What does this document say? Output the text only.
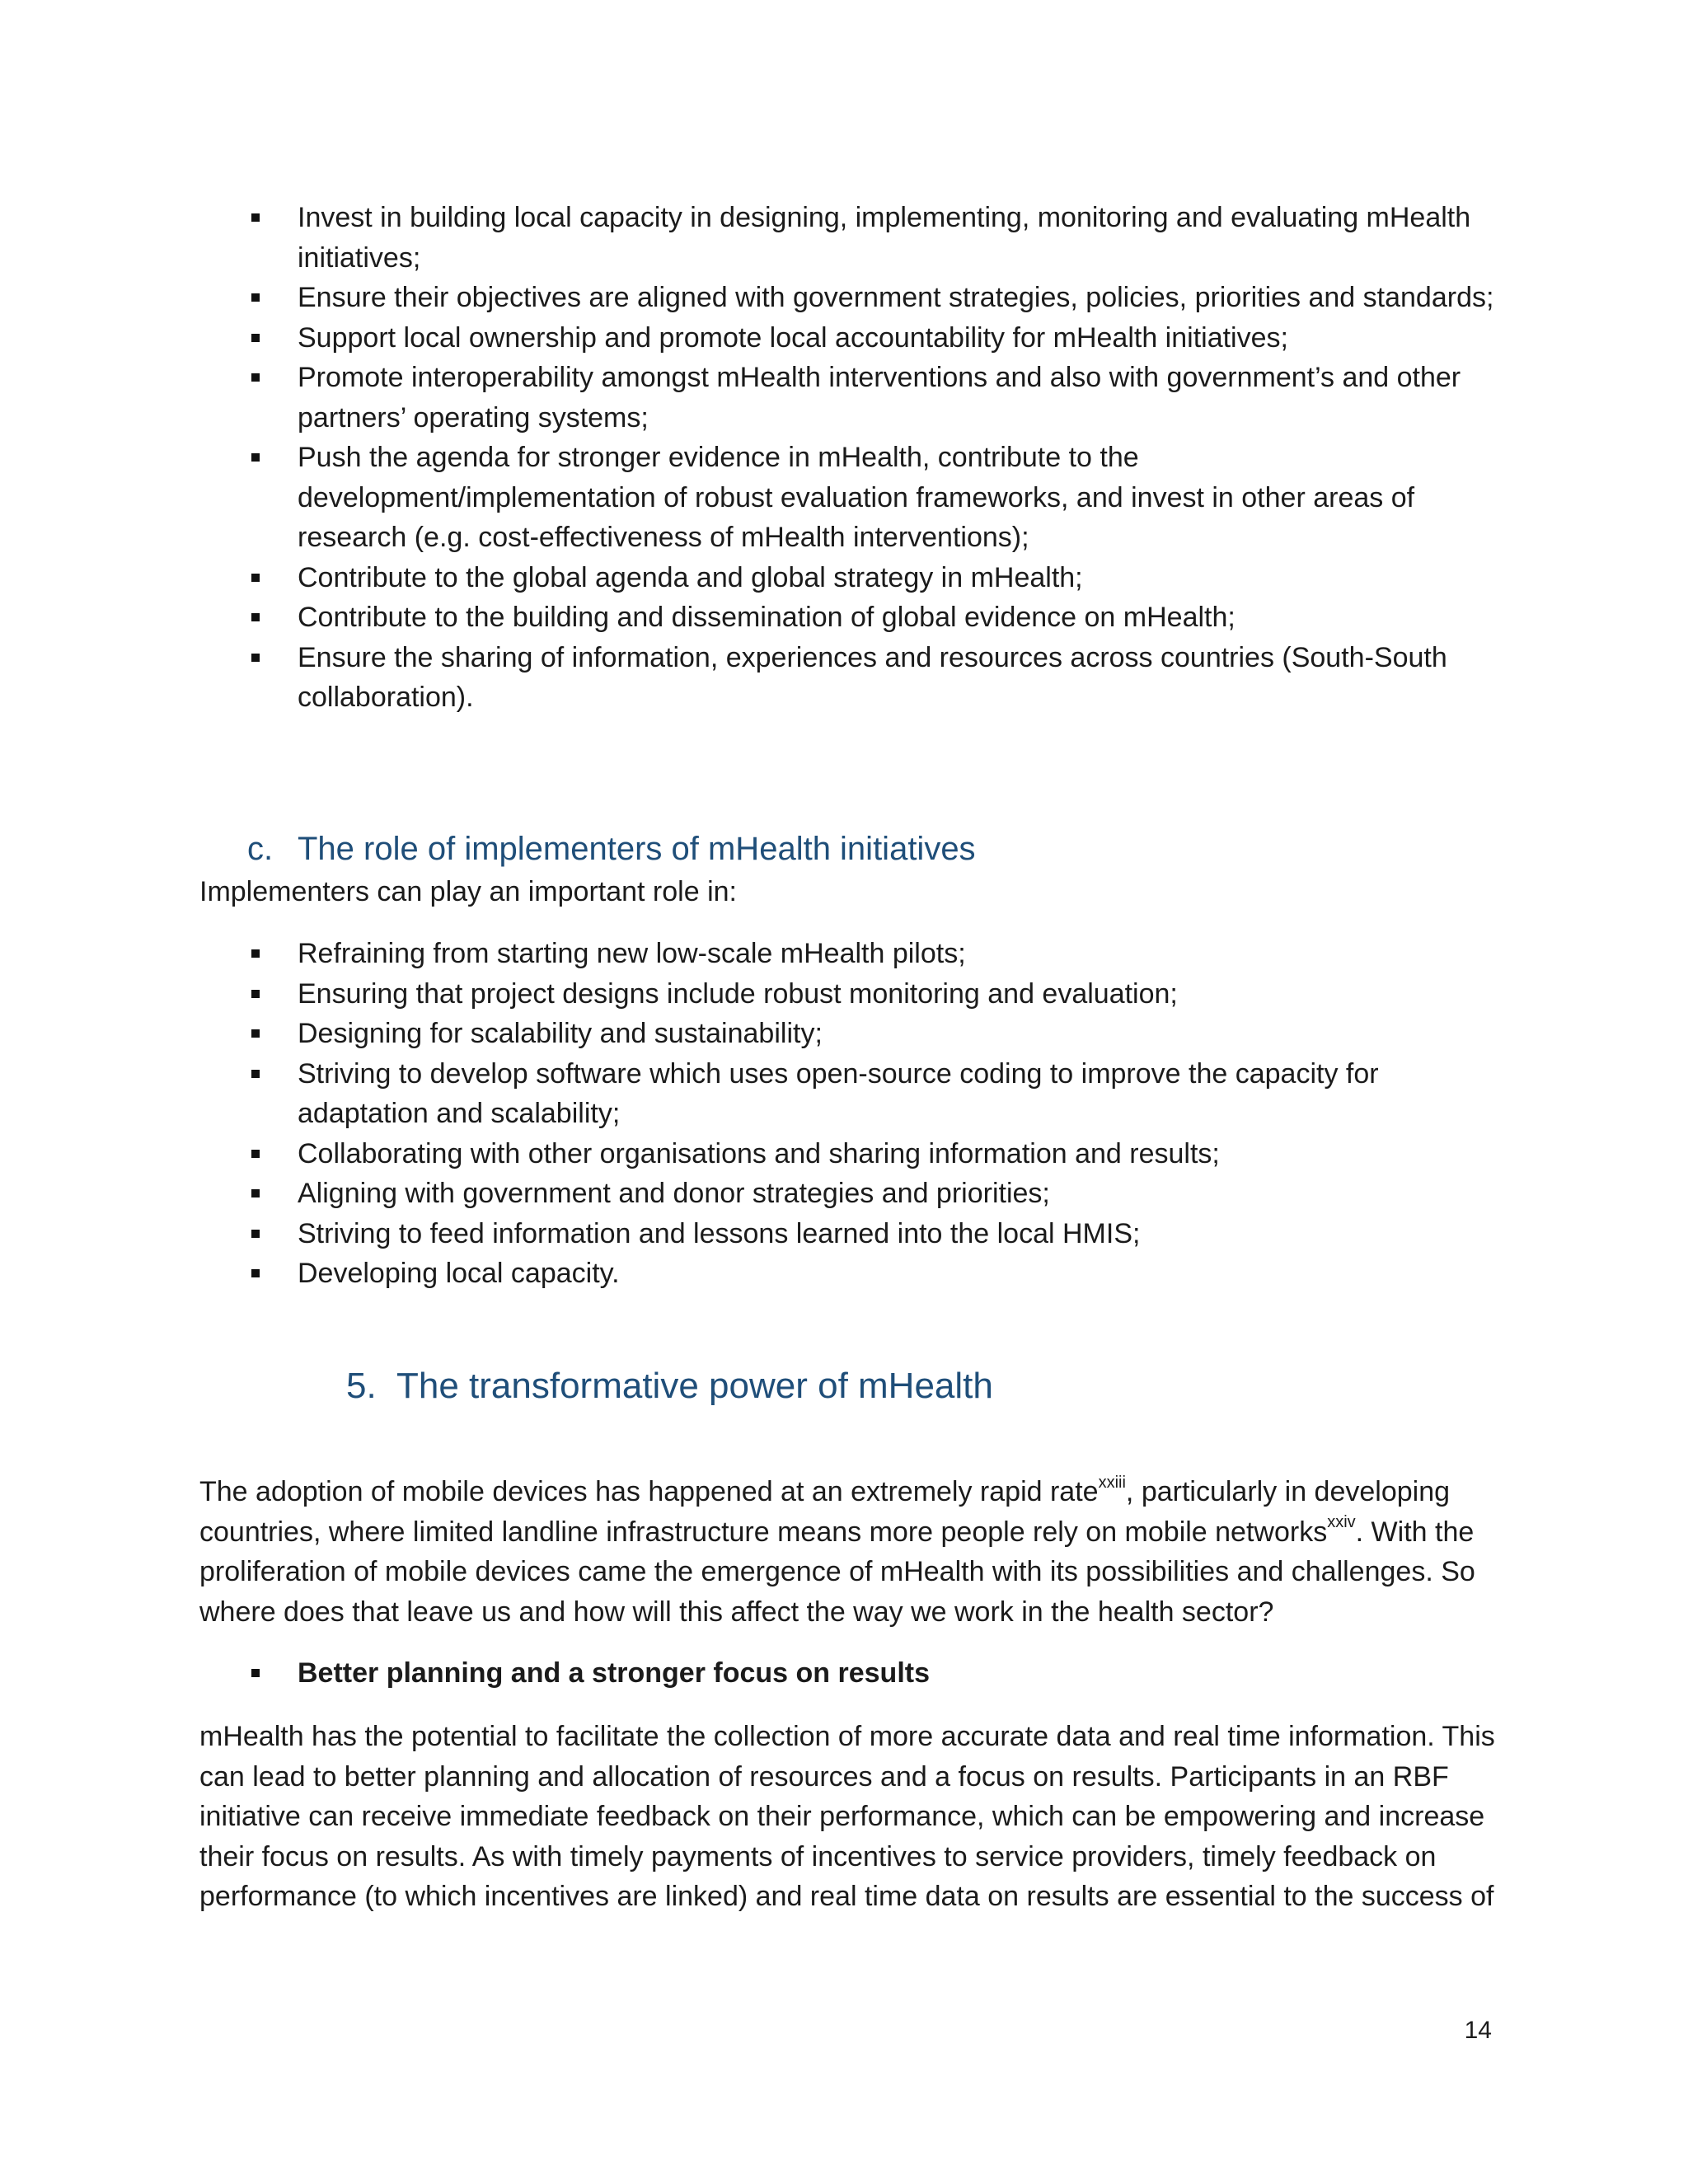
Invest in building local capacity in designing, implementing, monitoring and evaluating mHealth initiatives;
Ensure their objectives are aligned with government strategies, policies, priorities and standards;
Support local ownership and promote local accountability for mHealth initiatives;
Promote interoperability amongst mHealth interventions and also with government’s and other partners’ operating systems;
Push the agenda for stronger evidence in mHealth, contribute to the development/implementation of robust evaluation frameworks, and invest in other areas of research (e.g. cost-effectiveness of mHealth interventions);
Contribute to the global agenda and global strategy in mHealth;
Contribute to the building and dissemination of global evidence on mHealth;
Ensure the sharing of information, experiences and resources across countries (South-South collaboration).
c. The role of implementers of mHealth initiatives

Implementers can play an important role in:

Refraining from starting new low-scale mHealth pilots;
Ensuring that project designs include robust monitoring and evaluation;
Designing for scalability and sustainability;
Striving to develop software which uses open-source coding to improve the capacity for adaptation and scalability;
Collaborating with other organisations and sharing information and results;
Aligning with government and donor strategies and priorities;
Striving to feed information and lessons learned into the local HMIS;
Developing local capacity.
5. The transformative power of mHealth

The adoption of mobile devices has happened at an extremely rapid rate$^{xxiii}$, particularly in developing countries, where limited landline infrastructure means more people rely on mobile networks$^{xxiv}$. With the proliferation of mobile devices came the emergence of mHealth with its possibilities and challenges. So where does that leave us and how will this affect the way we work in the health sector?

Better planning and a stronger focus on results

mHealth has the potential to facilitate the collection of more accurate data and real time information. This can lead to better planning and allocation of resources and a focus on results. Participants in an RBF initiative can receive immediate feedback on their performance, which can be empowering and increase their focus on results. As with timely payments of incentives to service providers, timely feedback on performance (to which incentives are linked) and real time data on results are essential to the success of

14
